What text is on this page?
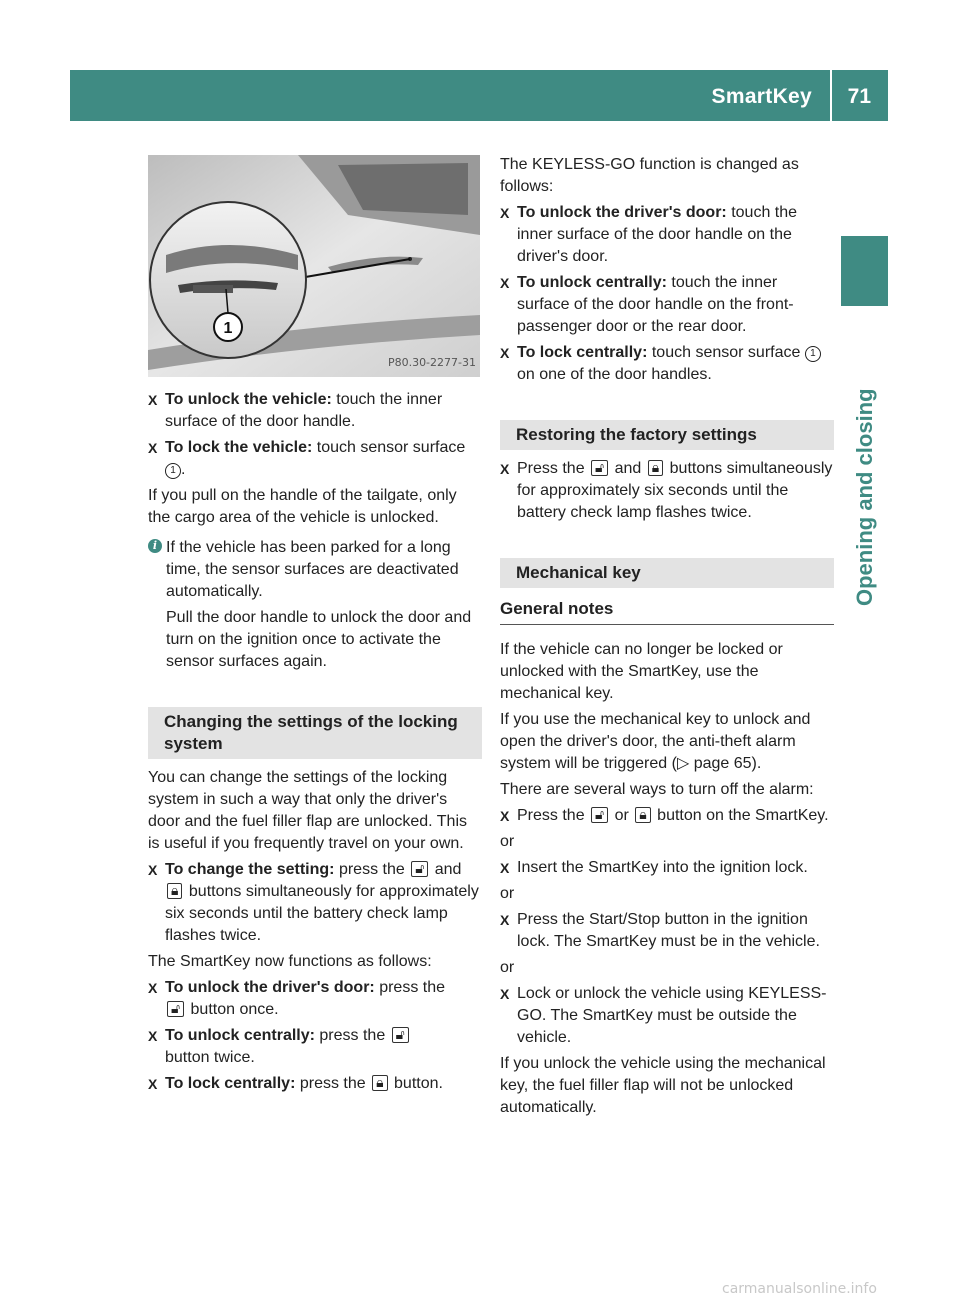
SmartKey 71
Opening and closing
1
P80.30-2277-31
X To unlock the vehicle: touch the inner surface of the door handle.
X To lock the vehicle: touch sensor surface 1 .

If you pull on the handle of the tailgate, only the cargo area of the vehicle is unlocked.

i If the vehicle has been parked for a long time, the sensor surfaces are deactivated automatically.

Pull the door handle to unlock the door and turn on the ignition once to activate the sensor surfaces again.

Changing the settings of the locking system

You can change the settings of the locking system in such a way that only the driver's door and the fuel filler flap are unlocked. This is useful if you frequently travel on your own.

X To change the setting: press the 🔓︎ and 🔒︎ buttons simultaneously for approximately six seconds until the battery check lamp flashes twice.

The SmartKey now functions as follows:

X To unlock the driver's door: press the
🔓︎ button once.
X To unlock centrally: press the 🔓︎
button twice.
X To lock centrally: press the 🔒︎ button.

The KEYLESS-GO function is changed as follows:

X To unlock the driver's door: touch the inner surface of the door handle on the driver's door.
X To unlock centrally: touch the inner surface of the door handle on the front-passenger door or the rear door.
X To lock centrally: touch sensor surface 1 on one of the door handles.
Restoring the factory settings
X Press the 🔓︎ and 🔒︎ buttons simultaneously for approximately six seconds until the battery check lamp flashes twice.
Mechanical key
General notes

If the vehicle can no longer be locked or unlocked with the SmartKey, use the mechanical key.

If you use the mechanical key to unlock and open the driver's door, the anti-theft alarm system will be triggered (▷ page 65).

There are several ways to turn off the alarm:

X Press the 🔓︎ or 🔒︎ button on the SmartKey.

or

X Insert the SmartKey into the ignition lock.

or

X Press the Start/Stop button in the ignition lock. The SmartKey must be in the vehicle.

or

X Lock or unlock the vehicle using KEYLESS-GO. The SmartKey must be outside the vehicle.

If you unlock the vehicle using the mechanical key, the fuel filler flap will not be unlocked automatically.

carmanualsonline.info
